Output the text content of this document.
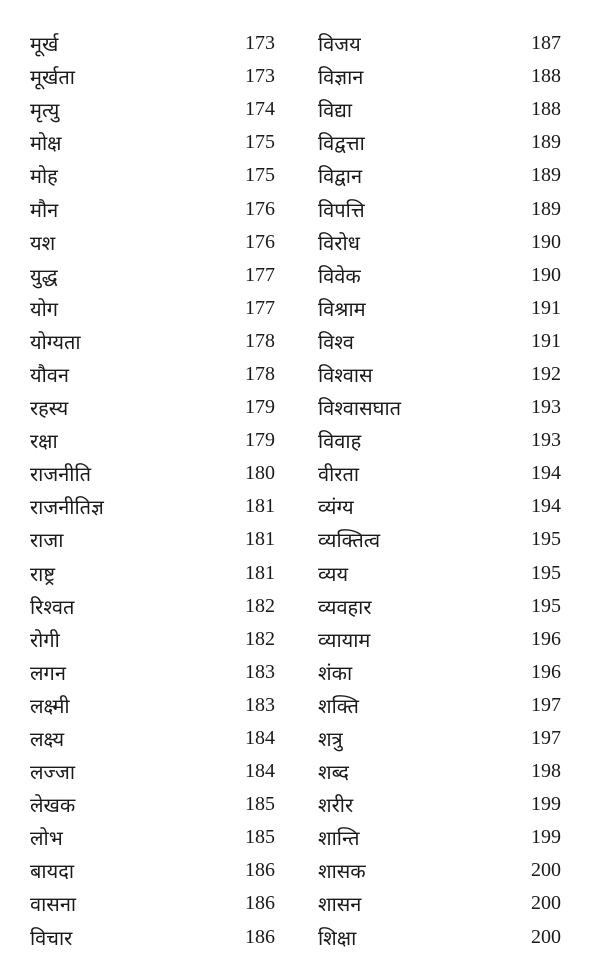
मूर्ख	173
मूर्खता	173
मृत्यु	174
मोक्ष	175
मोह	175
मौन	176
यश	176
युद्ध	177
योग	177
योग्यता	178
यौवन	178
रहस्य	179
रक्षा	179
राजनीति	180
राजनीतिज्ञ	181
राजा	181
राष्ट्र	181
रिश्वत	182
रोगी	182
लगन	183
लक्ष्मी	183
लक्ष्य	184
लज्जा	184
लेखक	185
लोभ	185
बायदा	186
वासना	186
विचार	186
विजय	187
विज्ञान	188
विद्या	188
विद्वत्ता	189
विद्वान	189
विपत्ति	189
विरोध	190
विवेक	190
विश्राम	191
विश्व	191
विश्वास	192
विश्वासघात	193
विवाह	193
वीरता	194
व्यंग्य	194
व्यक्तित्व	195
व्यय	195
व्यवहार	195
व्यायाम	196
शंका	196
शक्ति	197
शत्रु	197
शब्द	198
शरीर	199
शान्ति	199
शासक	200
शासन	200
शिक्षा	200
